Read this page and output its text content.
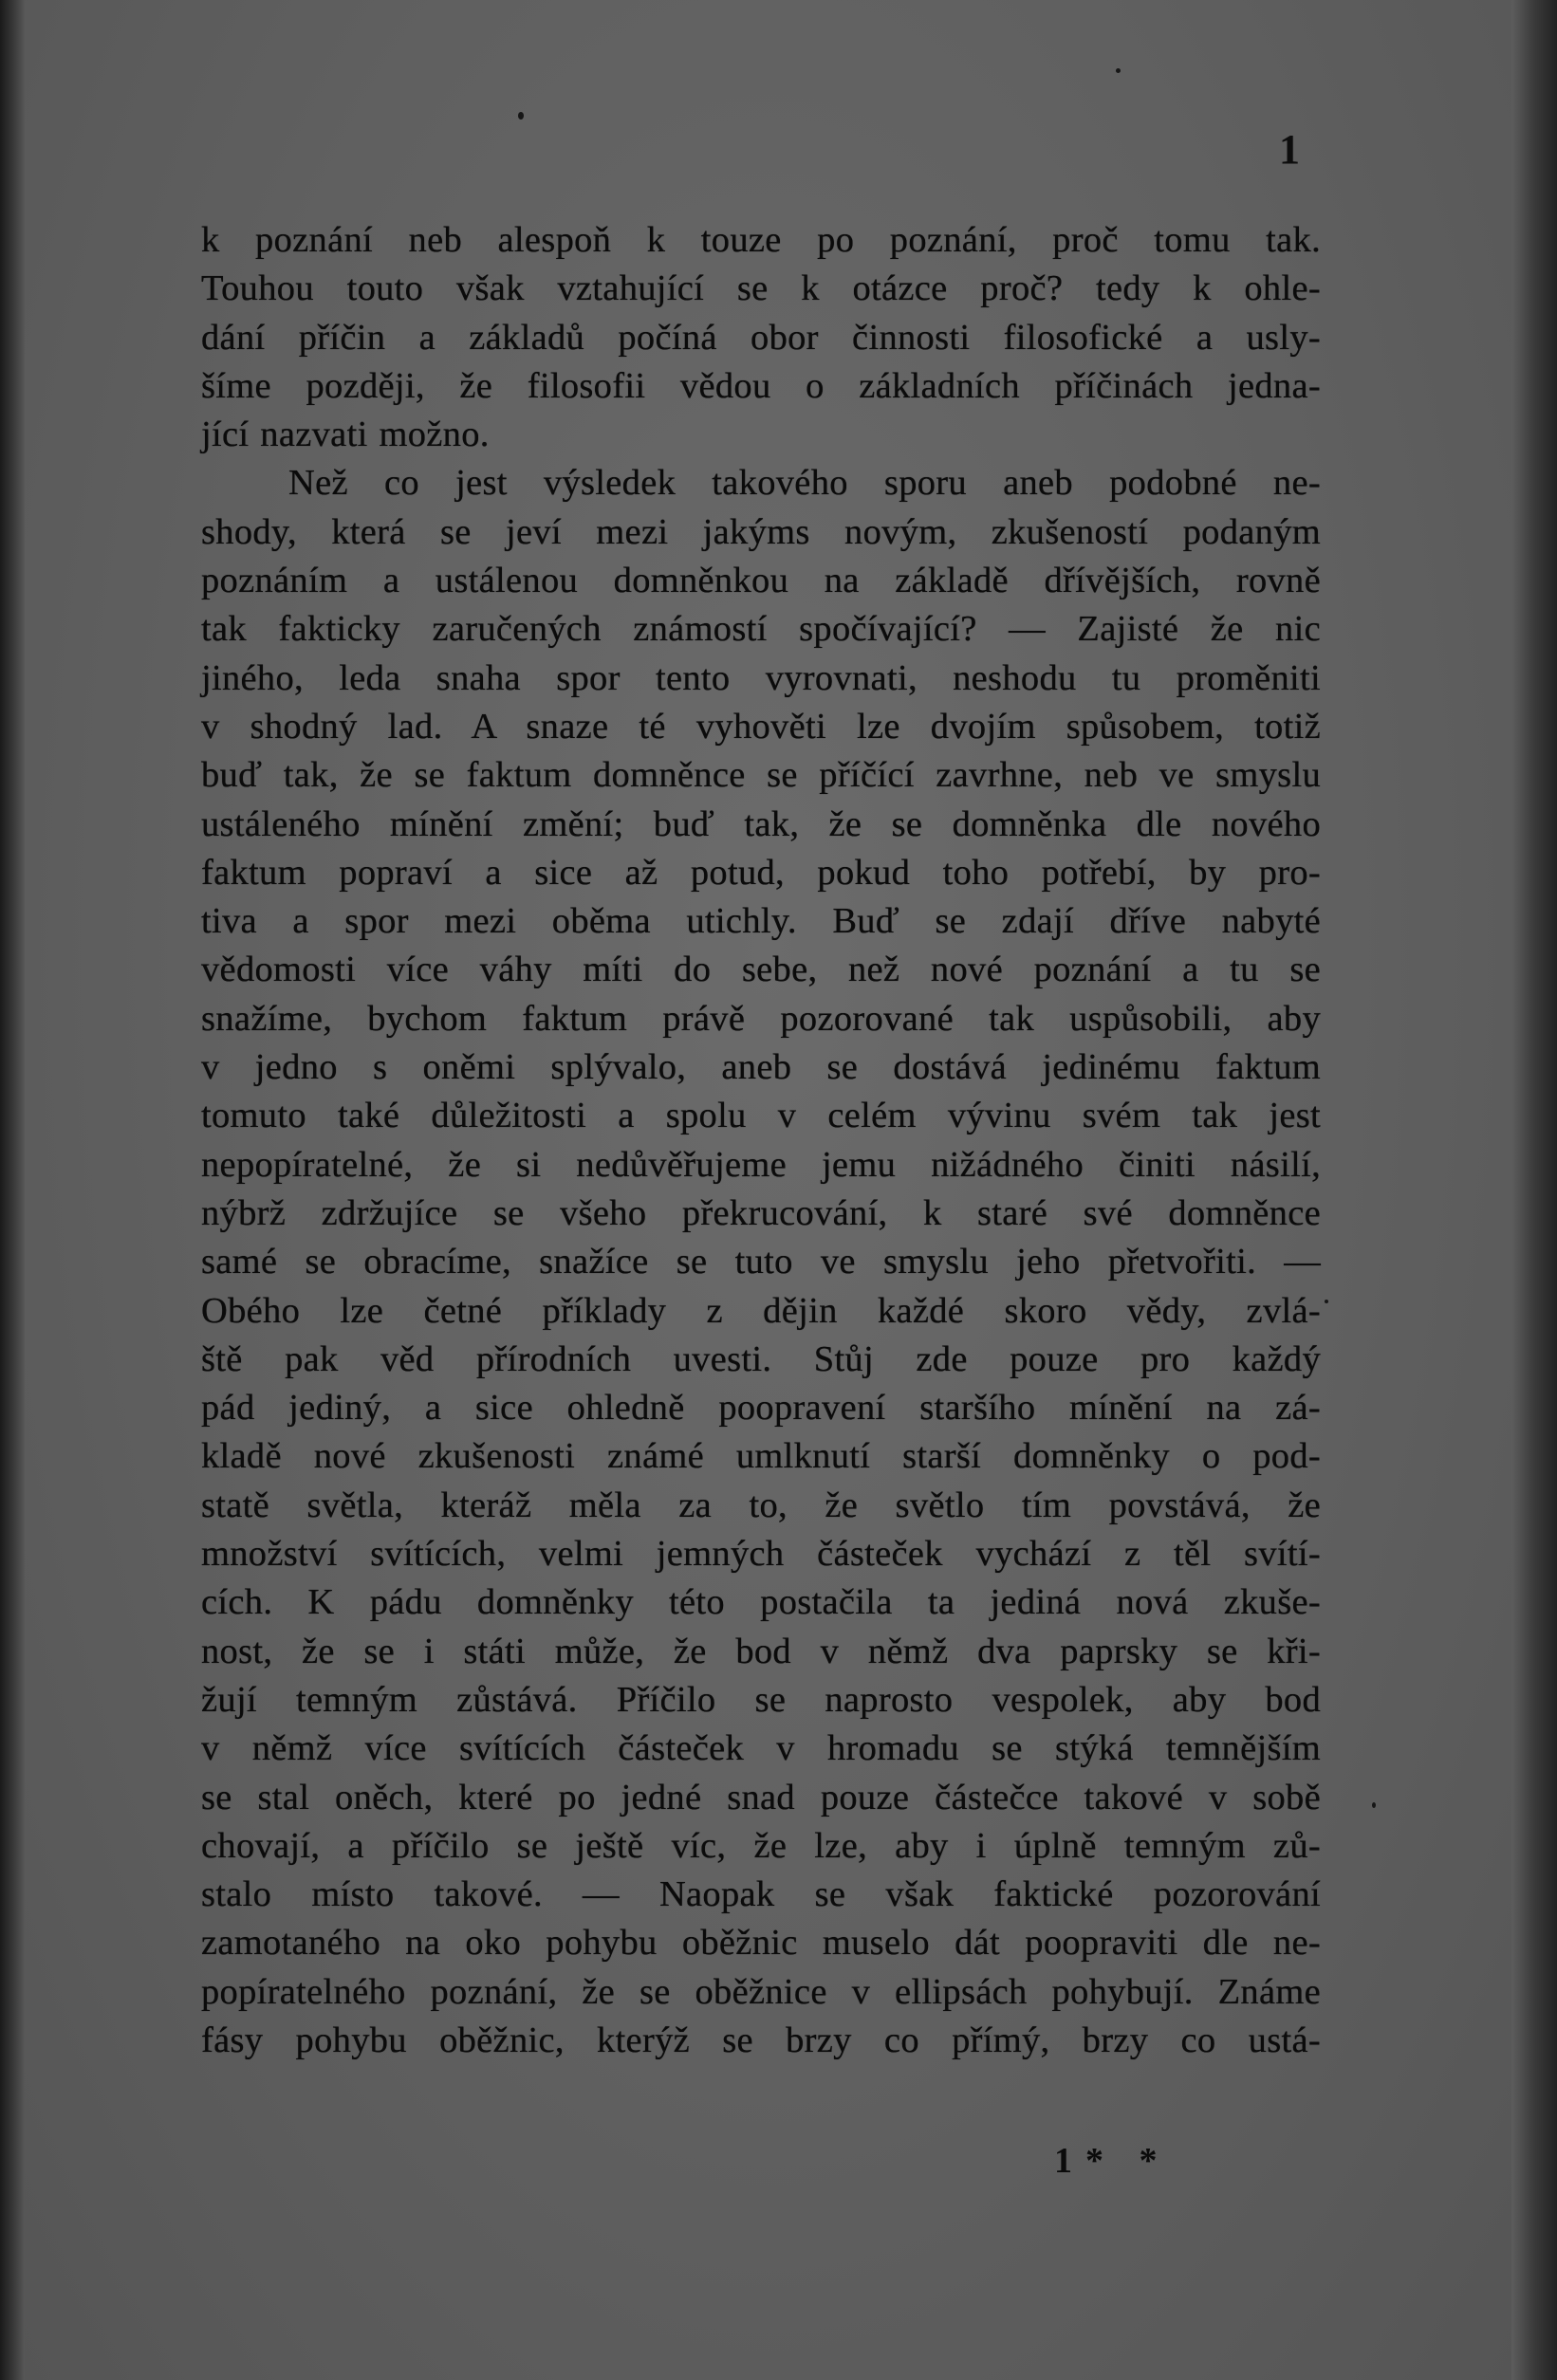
1
k poznání neb alespoň k touze po poznání, proč tomu tak.
Touhou touto však vztahující se k otázce proč? tedy k ohle-
dání příčin a základů počíná obor činnosti filosofické a usly-
šíme později, že filosofii vědou o základních příčinách jedna-
jící nazvati možno.
Než co jest výsledek takového sporu aneb podobné ne-
shody, která se jeví mezi jakýms novým, zkušeností podaným
poznáním a ustálenou domněnkou na základě dřívějších, rovně
tak fakticky zaručených známostí spočívající? — Zajisté že nic
jiného, leda snaha spor tento vyrovnati, neshodu tu proměniti
v shodný lad. A snaze té vyhověti lze dvojím spůsobem, totiž
buď tak, že se faktum domněnce se příčící zavrhne, neb ve smyslu
ustáleného mínění změní; buď tak, že se domněnka dle nového
faktum popraví a sice až potud, pokud toho potřebí, by pro-
tiva a spor mezi oběma utichly. Buď se zdají dříve nabyté
vědomosti více váhy míti do sebe, než nové poznání a tu se
snažíme, bychom faktum právě pozorované tak uspůsobili, aby
v jedno s oněmi splývalo, aneb se dostává jedinému faktum
tomuto také důležitosti a spolu v celém vývinu svém tak jest
nepopíratelné, že si nedůvěřujeme jemu nižádného činiti násilí,
nýbrž zdržujíce se všeho překrucování, k staré své domněnce
samé se obracíme, snažíce se tuto ve smyslu jeho přetvořiti. —
Obého lze četné příklady z dějin každé skoro vědy, zvlá-
ště pak věd přírodních uvesti. Stůj zde pouze pro každý
pád jediný, a sice ohledně poopravení staršího mínění na zá-
kladě nové zkušenosti známé umlknutí starší domněnky o pod-
statě světla, kteráž měla za to, že světlo tím povstává, že
množství svítících, velmi jemných částeček vychází z těl svítí-
cích. K pádu domněnky této postačila ta jediná nová zkuše-
nost, že se i státi může, že bod v němž dva paprsky se kři-
žují temným zůstává. Příčilo se naprosto vespolek, aby bod
v němž více svítících částeček v hromadu se stýká temnějším
se stal oněch, které po jedné snad pouze částečce takové v sobě
chovají, a příčilo se ještě víc, že lze, aby i úplně temným zů-
stalo místo takové. — Naopak se však faktické pozorování
zamotaného na oko pohybu oběžnic muselo dát poopraviti dle ne-
popíratelného poznání, že se oběžnice v ellipsách pohybují. Známe
fásy pohybu oběžnic, kterýž se brzy co přímý, brzy co ustá-
1* *
